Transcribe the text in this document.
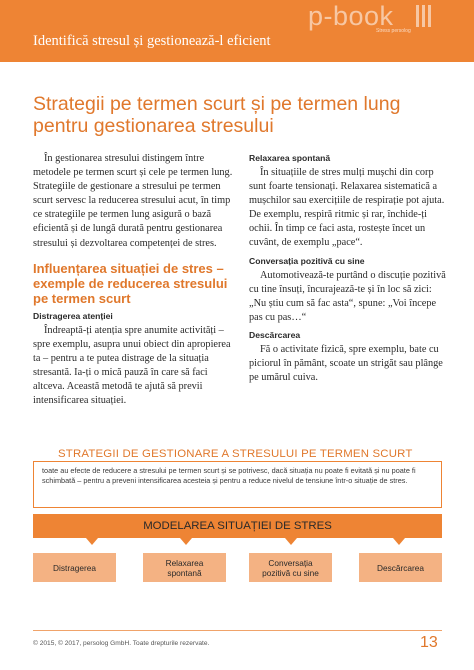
Identifică stresul și gestionează-l eficient
p-book
Stress persolog
Strategii pe termen scurt și pe termen lung pentru gestionarea stresului

În gestionarea stresului distingem între metodele pe termen scurt și cele pe termen lung. Strategiile de gestionare a stresului pe termen scurt servesc la reducerea stresului acut, în timp ce strategiile pe termen lung asigură o bază eficientă și de lungă durată pentru gestionarea stresului și dezvoltarea competenței de stres.

Influențarea situației de stres – exemple de reducerea stresului pe termen scurt
Distragerea atenției

Îndreaptă-ți atenția spre anumite activități – spre exemplu, asupra unui obiect din apropierea ta – pentru a te putea distrage de la situația stresantă. Ia-ți o mică pauză în care să faci altceva. Această metodă te ajută să previi intensificarea situației.

Relaxarea spontană

În situațiile de stres mulți mușchi din corp sunt foarte tensionați. Relaxarea sistematică a mușchilor sau exercițiile de respirație pot ajuta. De exemplu, respiră ritmic și rar, închide-ți ochii. În timp ce faci asta, rostește încet un cuvânt, de exemplu „pace“.

Conversația pozitivă cu sine

Automotivează-te purtând o discuție pozitivă cu tine însuți, încurajează-te și în loc să zici: „Nu știu cum să fac asta“, spune: „Voi începe pas cu pas…“

Descărcarea

Fă o activitate fizică, spre exemplu, bate cu piciorul în pământ, scoate un strigăt sau plânge pe umărul cuiva.

STRATEGII DE GESTIONARE A STRESULUI PE TERMEN SCURT
toate au efecte de reducere a stresului pe termen scurt și se potrivesc, dacă situația nu poate fi evitată și nu poate fi schimbată – pentru a preveni intensificarea acesteia și pentru a reduce nivelul de tensiune într-o situație de stres.
MODELAREA SITUAȚIEI DE STRES
Distragerea	Relaxarea
spontană
Conversația
pozitivă cu sine	Descărcarea
© 2015, © 2017, persolog GmbH. Toate drepturile rezervate.	13
